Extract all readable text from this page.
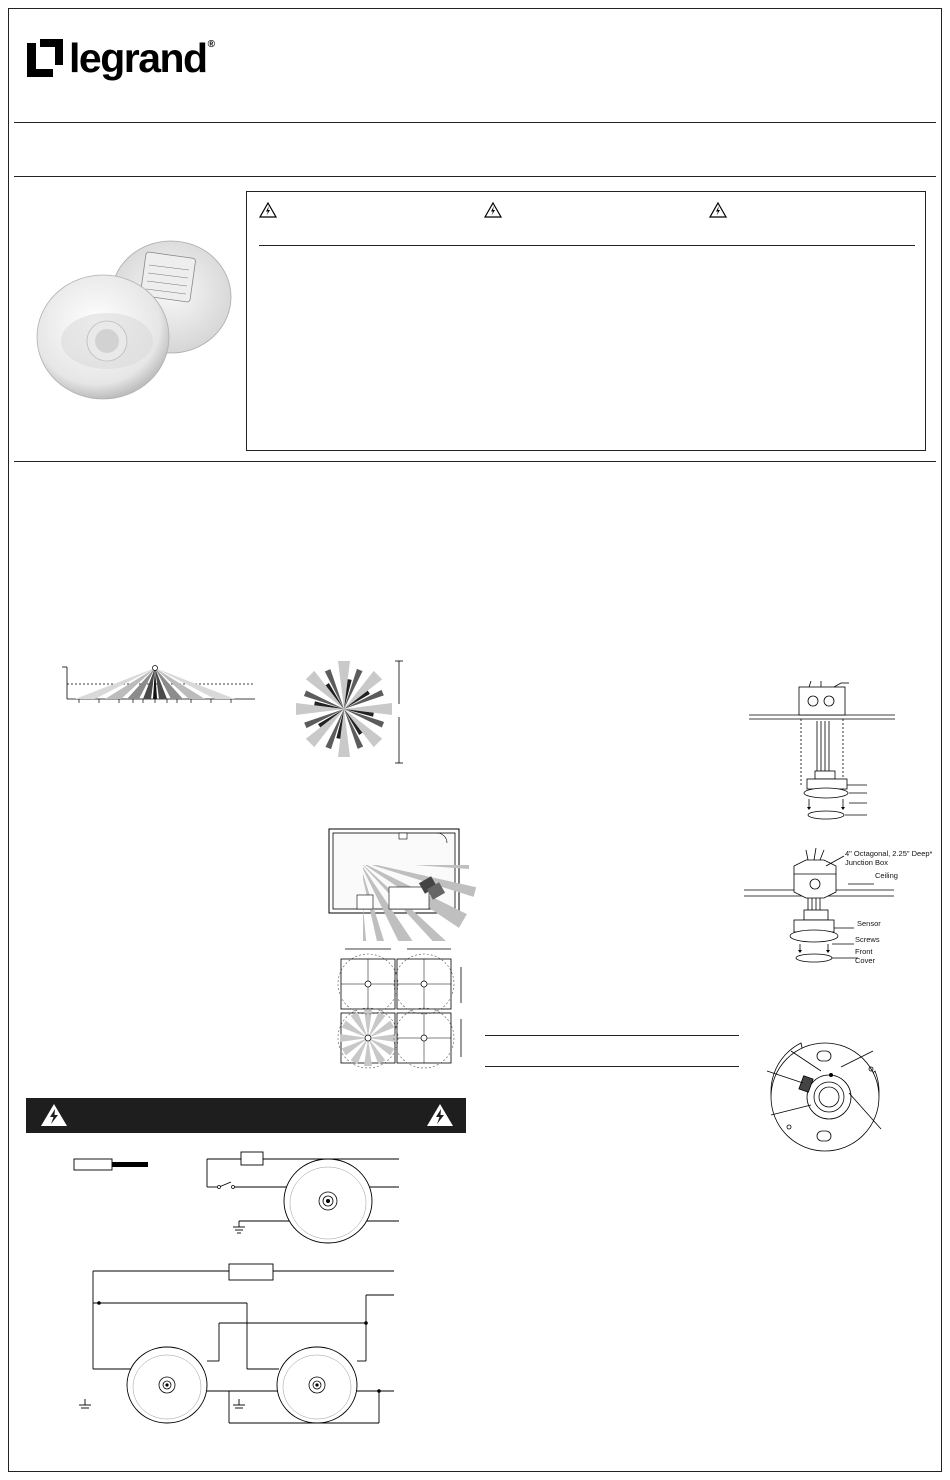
legrand ®
4" Octagonal, 2.25" Deep*
Junction Box
Ceiling
Sensor
Screws
Front
Cover
